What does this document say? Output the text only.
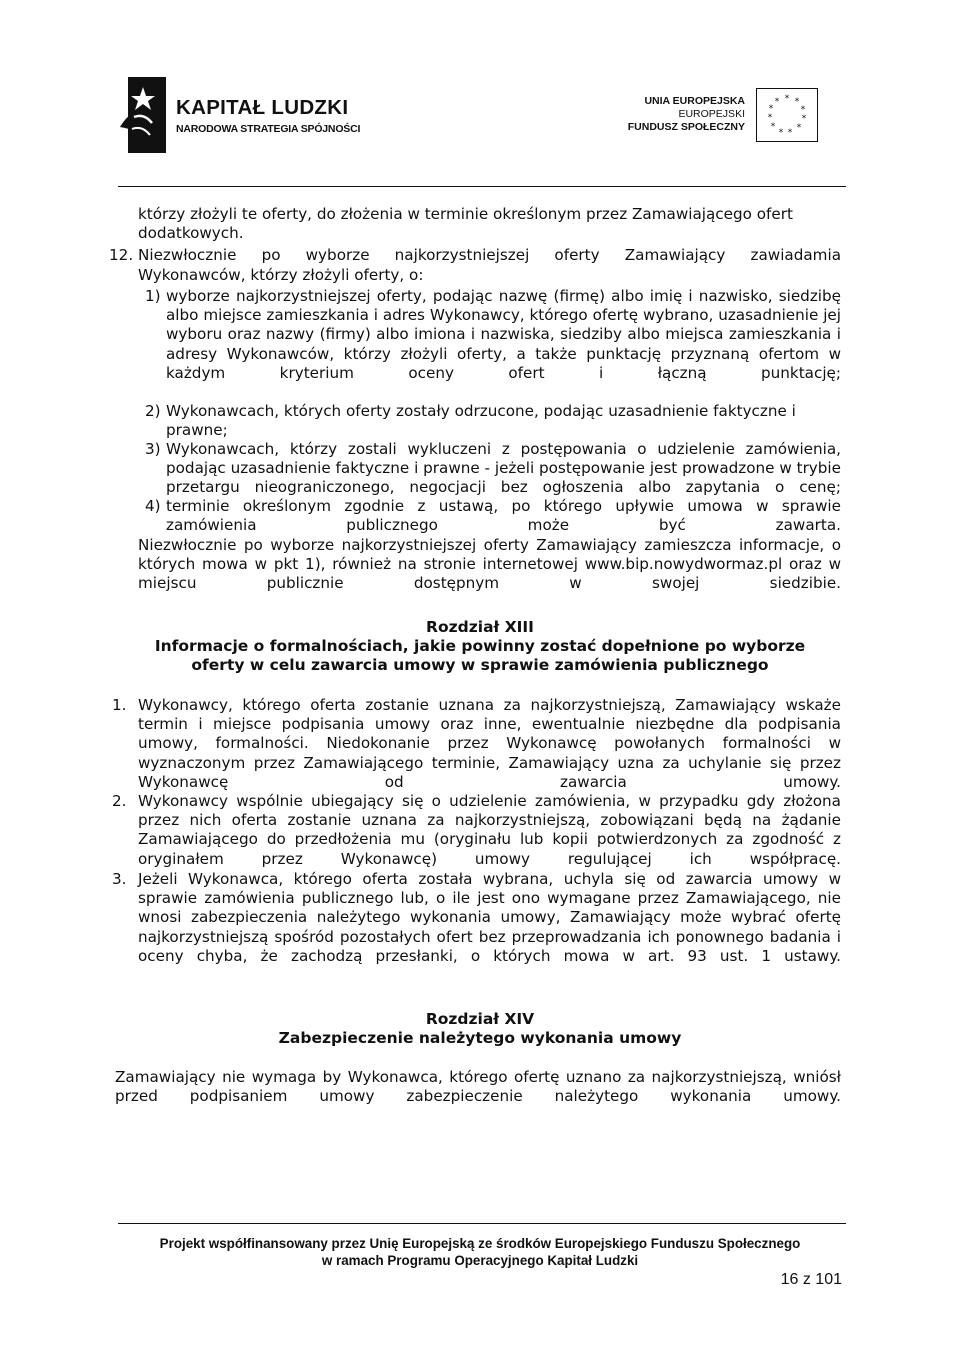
KAPITAŁ LUDZKI
NARODOWA STRATEGIA SPÓJNOŚCI
UNIA EUROPEJSKA
EUROPEJSKI
FUNDUSZ SPOŁECZNY
* *
*
*
*
*
*
*
*
*
*
którzy złożyli te oferty, do złożenia w terminie określonym przez Zamawiającego ofert
dodatkowych.
12. Niezwłocznie po wyborze najkorzystniejszej oferty Zamawiający zawiadamia
Wykonawców, którzy złożyli oferty, o:
1) wyborze najkorzystniejszej oferty, podając nazwę (firmę) albo imię i nazwisko, siedzibę albo miejsce zamieszkania i adres Wykonawcy, którego ofertę wybrano, uzasadnienie jej wyboru oraz nazwy (firmy) albo imiona i nazwiska, siedziby albo miejsca zamieszkania i adresy Wykonawców, którzy złożyli oferty, a także punktację przyznaną ofertom w każdym kryterium oceny ofert i łączną punktację;
2) Wykonawcach, których oferty zostały odrzucone, podając uzasadnienie faktyczne i prawne;
3) Wykonawcach, którzy zostali wykluczeni z postępowania o udzielenie zamówienia, podając uzasadnienie faktyczne i prawne - jeżeli postępowanie jest prowadzone w trybie przetargu nieograniczonego, negocjacji bez ogłoszenia albo zapytania o cenę;
4) terminie określonym zgodnie z ustawą, po którego upływie umowa w sprawie zamówienia publicznego może być zawarta.
Niezwłocznie po wyborze najkorzystniejszej oferty Zamawiający zamieszcza informacje, o których mowa w pkt 1), również na stronie internetowej www.bip.nowydwormaz.pl oraz w miejscu publicznie dostępnym w swojej siedzibie.
Rozdział XIII
Informacje o formalnościach, jakie powinny zostać dopełnione po wyborze
oferty w celu zawarcia umowy w sprawie zamówienia publicznego
1. Wykonawcy, którego oferta zostanie uznana za najkorzystniejszą, Zamawiający wskaże termin i miejsce podpisania umowy oraz inne, ewentualnie niezbędne dla podpisania umowy, formalności. Niedokonanie przez Wykonawcę powołanych formalności w wyznaczonym przez Zamawiającego terminie, Zamawiający uzna za uchylanie się przez Wykonawcę od zawarcia umowy.
2. Wykonawcy wspólnie ubiegający się o udzielenie zamówienia, w przypadku gdy złożona przez nich oferta zostanie uznana za najkorzystniejszą, zobowiązani będą na żądanie Zamawiającego do przedłożenia mu (oryginału lub kopii potwierdzonych za zgodność z oryginałem przez Wykonawcę) umowy regulującej ich współpracę.
3. Jeżeli Wykonawca, którego oferta została wybrana, uchyla się od zawarcia umowy w sprawie zamówienia publicznego lub, o ile jest ono wymagane przez Zamawiającego, nie wnosi zabezpieczenia należytego wykonania umowy, Zamawiający może wybrać ofertę najkorzystniejszą spośród pozostałych ofert bez przeprowadzania ich ponownego badania i oceny chyba, że zachodzą przesłanki, o których mowa w art. 93 ust. 1 ustawy.
Rozdział XIV
Zabezpieczenie należytego wykonania umowy
Zamawiający nie wymaga by Wykonawca, którego ofertę uznano za najkorzystniejszą, wniósł przed podpisaniem umowy zabezpieczenie należytego wykonania umowy.
Projekt współfinansowany przez Unię Europejską ze środków Europejskiego Funduszu Społecznego
w ramach Programu Operacyjnego Kapitał Ludzki
16 z 101
